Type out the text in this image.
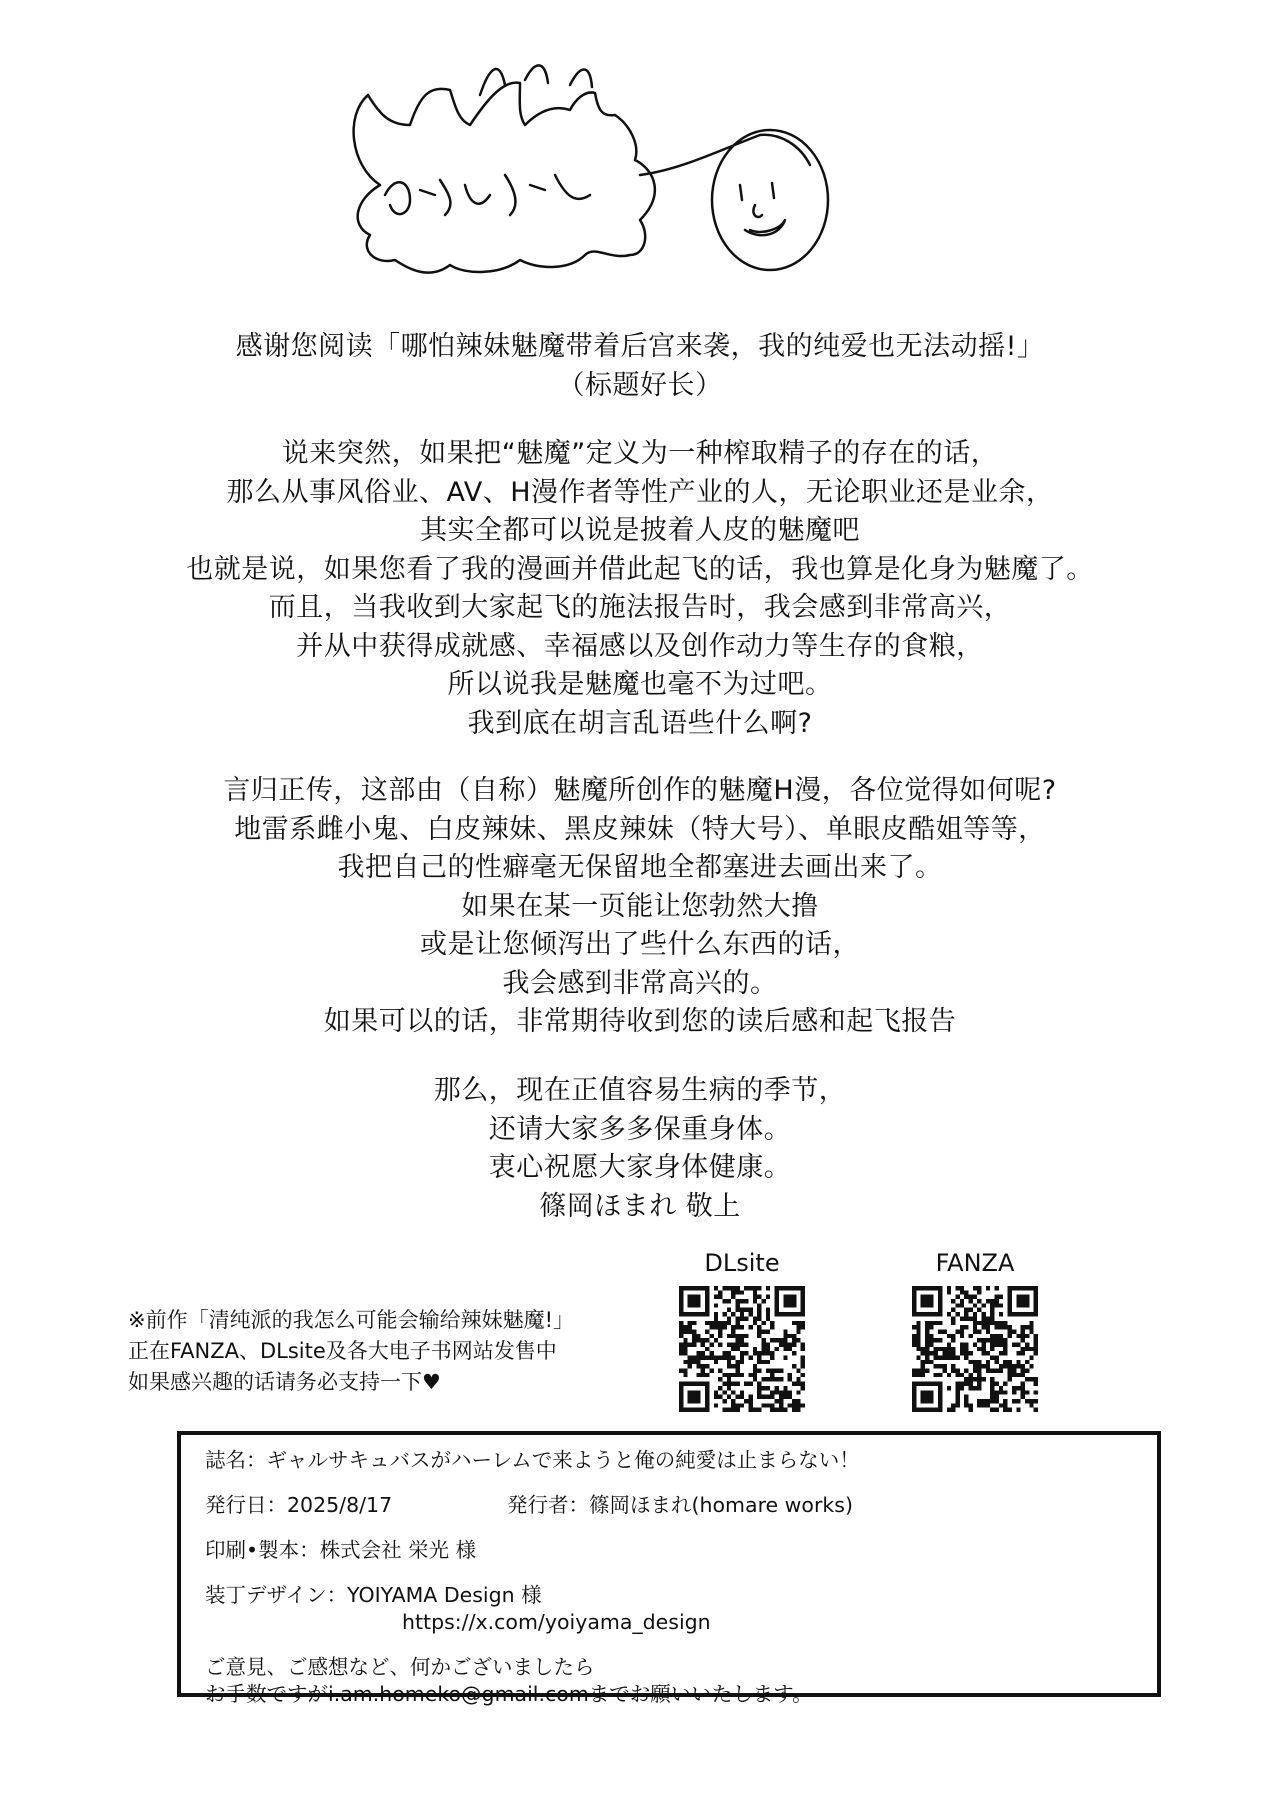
感谢您阅读「哪怕辣妹魅魔带着后宫来袭，我的纯爱也无法动摇!」
（标题好长）
说来突然，如果把“魅魔”定义为一种榨取精子的存在的话，
那么从事风俗业、AV、H漫作者等性产业的人，无论职业还是业余，
其实全都可以说是披着人皮的魅魔吧
也就是说，如果您看了我的漫画并借此起飞的话，我也算是化身为魅魔了。
而且，当我收到大家起飞的施法报告时，我会感到非常高兴，
并从中获得成就感、幸福感以及创作动力等生存的食粮，
所以说我是魅魔也毫不为过吧。
我到底在胡言乱语些什么啊?
言归正传，这部由（自称）魅魔所创作的魅魔H漫，各位觉得如何呢?
地雷系雌小鬼、白皮辣妹、黑皮辣妹（特大号）、单眼皮酷姐等等，
我把自己的性癖毫无保留地全都塞进去画出来了。
如果在某一页能让您勃然大撸
或是让您倾泻出了些什么东西的话，
我会感到非常高兴的。
如果可以的话，非常期待收到您的读后感和起飞报告
那么，现在正值容易生病的季节，
还请大家多多保重身体。
衷心祝愿大家身体健康。
篠岡ほまれ 敬上
DLsite	FANZA
※前作「清纯派的我怎么可能会输给辣妹魅魔!」
正在FANZA、DLsite及各大电子书网站发售中
如果感兴趣的话请务必支持一下♥
誌名：ギャルサキュバスがハーレムで来ようと俺の純愛は止まらない！
発行日：2025/8/17	発行者：篠岡ほまれ(homare works)
印刷•製本：株式会社 栄光 様
装丁デザイン：YOIYAMA Design 様
https://x.com/yoiyama_design
ご意見、ご感想など、何かございましたら
お手数ですがi.am.homeko@gmail.comまでお願いいたします。
